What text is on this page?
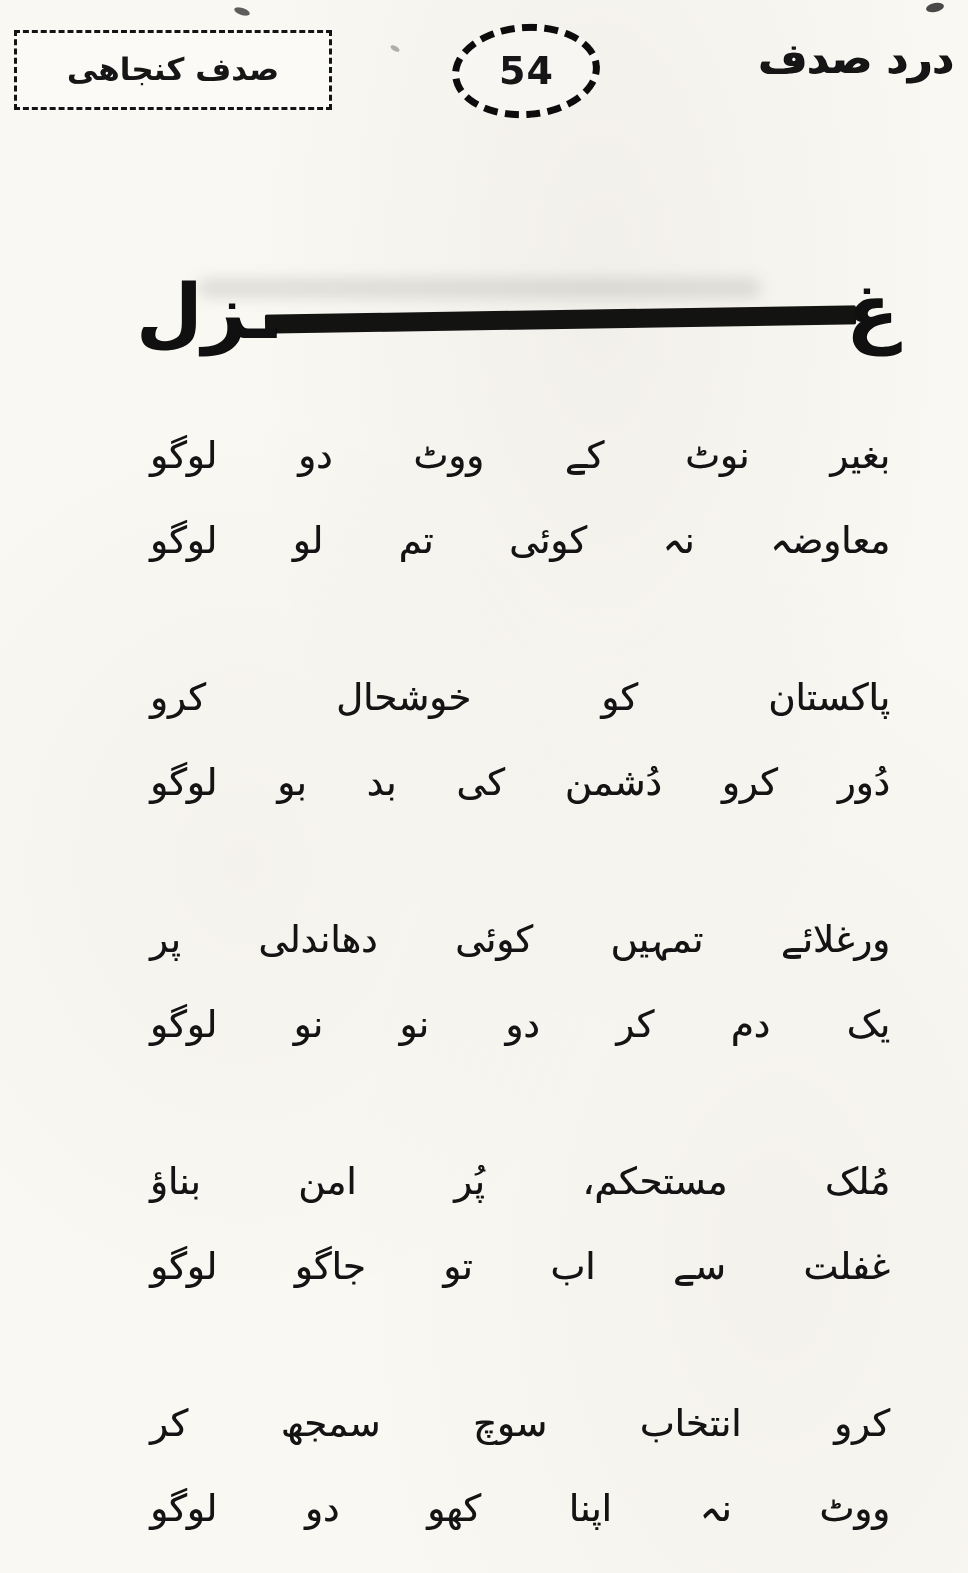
صدف کنجاھی	54	درد صدف
غ
ـزل
بغیر
نوٹ
کے
ووٹ
دو
لوگو
معاوضہ
نہ
کوئی
تم
لو
لوگو
پاکستان
کو
خوشحال
کرو
دُور
کرو
دُشمن
کی
بد
بو
لوگو
ورغلائے
تمہیں
کوئی
دھاندلی
پر
یک
دم
کر
دو
نو
نو
لوگو
مُلک
مستحکم،
پُر
امن
بناؤ
غفلت
سے
اب
تو
جاگو
لوگو
کرو
انتخاب
سوچ
سمجھ
کر
ووٹ
نہ
اپنا
کھو
دو
لوگو
